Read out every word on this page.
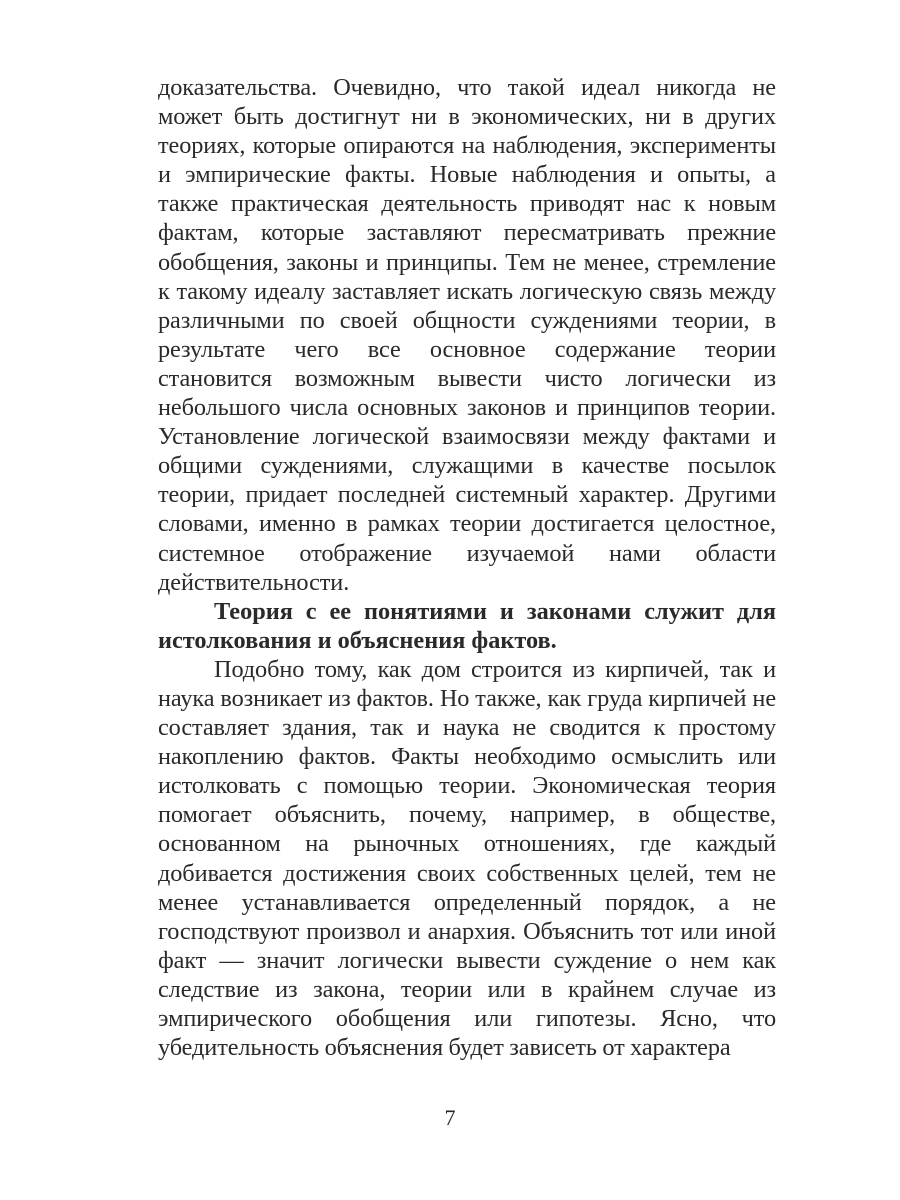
доказательства. Очевидно, что такой идеал никогда не может быть достигнут ни в экономических, ни в других теориях, которые опираются на наблюдения, эксперименты и эмпирические факты. Новые наблюдения и опыты, а также практическая деятельность приводят нас к новым фактам, которые заставляют пересматривать прежние обобщения, законы и принципы. Тем не менее, стремление к такому идеалу заставляет искать логическую связь между различными по своей общности суждениями теории, в результате чего все основное содержание теории становится возможным вывести чисто логически из небольшого числа основных законов и принципов теории. Установление логической взаимосвязи между фактами и общими суждениями, служащими в качестве посылок теории, придает последней системный характер. Другими словами, именно в рамках теории достигается целостное, системное отображение изучаемой нами области действительности.

Теория с ее понятиями и законами служит для истолкования и объяснения фактов.

Подобно тому, как дом строится из кирпичей, так и наука возникает из фактов. Но также, как груда кирпичей не составляет здания, так и наука не сводится к простому накоплению фактов. Факты необходимо осмыслить или истолковать с помощью теории. Экономическая теория помогает объяснить, почему, например, в обществе, основанном на рыночных отношениях, где каждый добивается достижения своих собственных целей, тем не менее устанавливается определенный порядок, а не господствуют произвол и анархия. Объяснить тот или иной факт — значит логически вывести суждение о нем как следствие из закона, теории или в крайнем случае из эмпирического обобщения или гипотезы. Ясно, что убедительность объяснения будет зависеть от характера

7
